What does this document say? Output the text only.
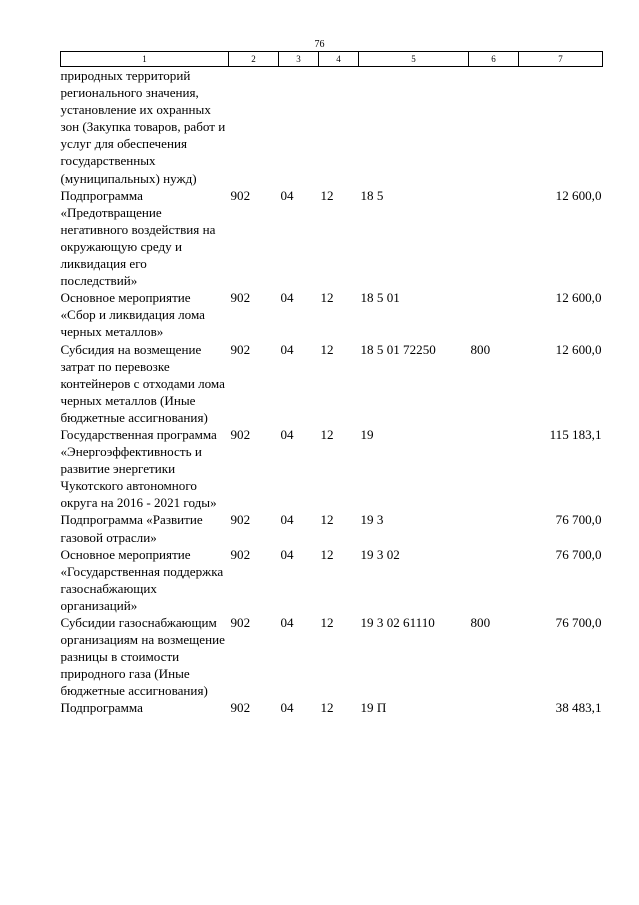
76
1	2	3	4	5	6	7
природных территорий регионального значения, установление их охранных зон (Закупка товаров, работ и услуг для обеспечения государственных (муниципальных) нужд)						
Подпрограмма «Предотвращение негативного воздействия на окружающую среду и ликвидация его последствий»	902	04	12	18 5		12 600,0
Основное мероприятие «Сбор и ликвидация лома черных металлов»	902	04	12	18 5 01		12 600,0
Субсидия на возмещение затрат по перевозке контейнеров с отходами лома черных металлов (Иные бюджетные ассигнования)	902	04	12	18 5 01 72250	800	12 600,0
Государственная программа «Энергоэффективность и развитие энергетики Чукотского автономного округа на 2016 - 2021 годы»	902	04	12	19		115 183,1
Подпрограмма «Развитие газовой отрасли»	902	04	12	19 3		76 700,0
Основное мероприятие «Государственная поддержка газоснабжающих организаций»	902	04	12	19 3 02		76 700,0
Субсидии газоснабжающим организациям на возмещение разницы в стоимости природного газа (Иные бюджетные ассигнования)	902	04	12	19 3 02 61110	800	76 700,0
Подпрограмма	902	04	12	19 П		38 483,1
